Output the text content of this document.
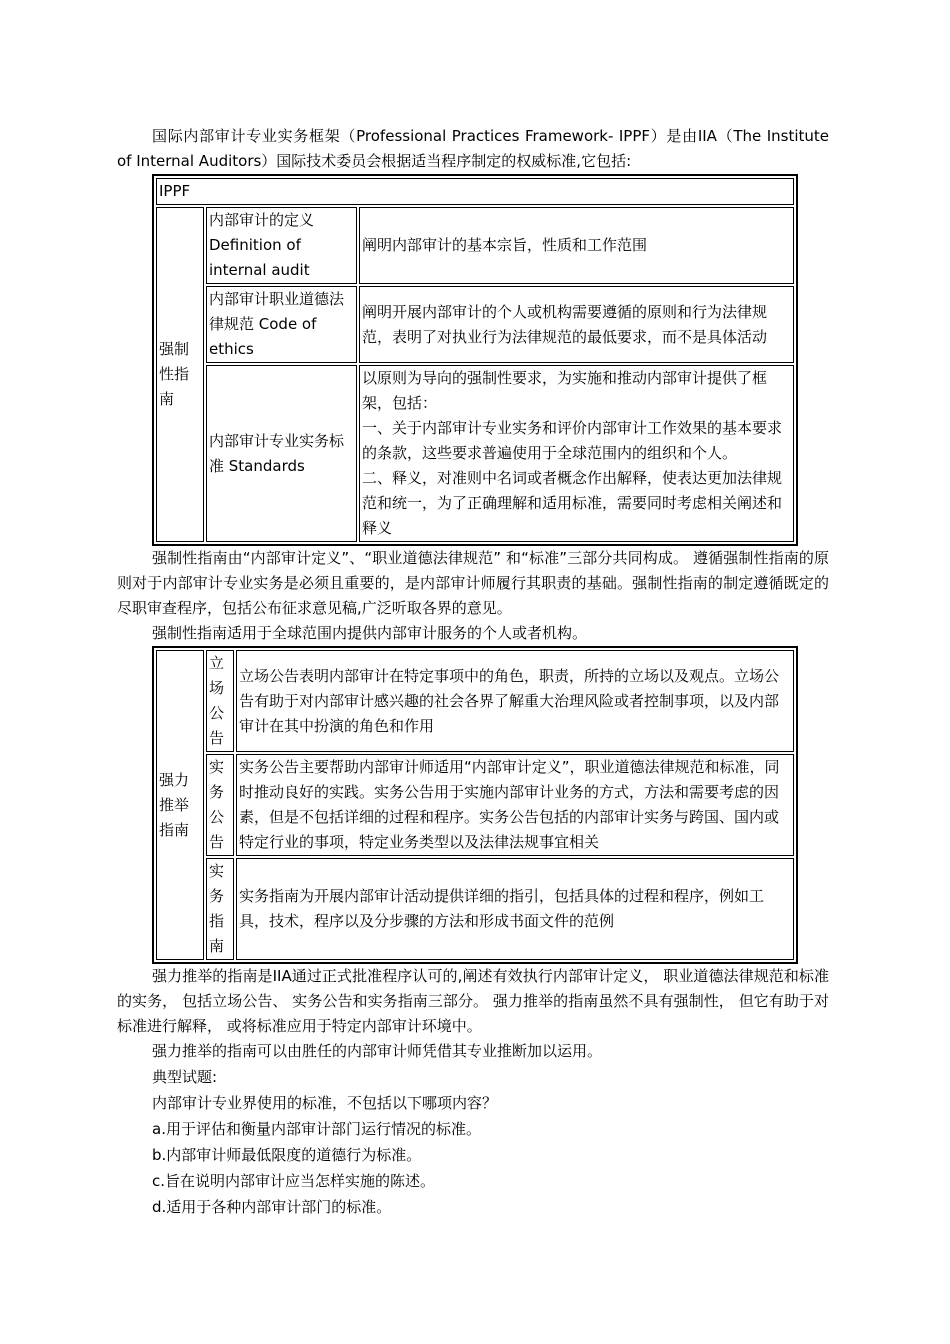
国际内部审计专业实务框架（Professional Practices Framework- IPPF）是由IIA（The Institute of Internal Auditors）国际技术委员会根据适当程序制定的权威标准,它包括:

IPPF		
强制性指南	内部审计的定义 Definition of internal audit	阐明内部审计的基本宗旨，性质和工作范围
	内部审计职业道德法律规范 Code of ethics	阐明开展内部审计的个人或机构需要遵循的原则和行为法律规范，表明了对执业行为法律规范的最低要求，而不是具体活动
	内部审计专业实务标准 Standards	以原则为导向的强制性要求，为实施和推动内部审计提供了框架，包括：
一、关于内部审计专业实务和评价内部审计工作效果的基本要求的条款，这些要求普遍使用于全球范围内的组织和个人。
二、释义，对准则中名词或者概念作出解释，使表达更加法律规范和统一，为了正确理解和适用标准，需要同时考虑相关阐述和释义

强制性指南由“内部审计定义”、“职业道德法律规范” 和“标准”三部分共同构成。 遵循强制性指南的原则对于内部审计专业实务是必须且重要的，是内部审计师履行其职责的基础。强制性指南的制定遵循既定的尽职审查程序，包括公布征求意见稿,广泛听取各界的意见。

强制性指南适用于全球范围内提供内部审计服务的个人或者机构。

强力推举指南	立场公告	立场公告表明内部审计在特定事项中的角色，职责，所持的立场以及观点。立场公告有助于对内部审计感兴趣的社会各界了解重大治理风险或者控制事项，以及内部审计在其中扮演的角色和作用
	实务公告	实务公告主要帮助内部审计师适用“内部审计定义”，职业道德法律规范和标准，同时推动良好的实践。实务公告用于实施内部审计业务的方式，方法和需要考虑的因素，但是不包括详细的过程和程序。实务公告包括的内部审计实务与跨国、国内或特定行业的事项，特定业务类型以及法律法规事宜相关
	实务指南	实务指南为开展内部审计活动提供详细的指引，包括具体的过程和程序，例如工具，技术，程序以及分步骤的方法和形成书面文件的范例

强力推举的指南是IIA通过正式批准程序认可的,阐述有效执行内部审计定义， 职业道德法律规范和标准的实务， 包括立场公告、 实务公告和实务指南三部分。 强力推举的指南虽然不具有强制性， 但它有助于对标准进行解释， 或将标准应用于特定内部审计环境中。

强力推举的指南可以由胜任的内部审计师凭借其专业推断加以运用。

典型试题:

内部审计专业界使用的标准，不包括以下哪项内容？

a.用于评估和衡量内部审计部门运行情况的标准。

b.内部审计师最低限度的道德行为标准。

c.旨在说明内部审计应当怎样实施的陈述。

d.适用于各种内部审计部门的标准。
